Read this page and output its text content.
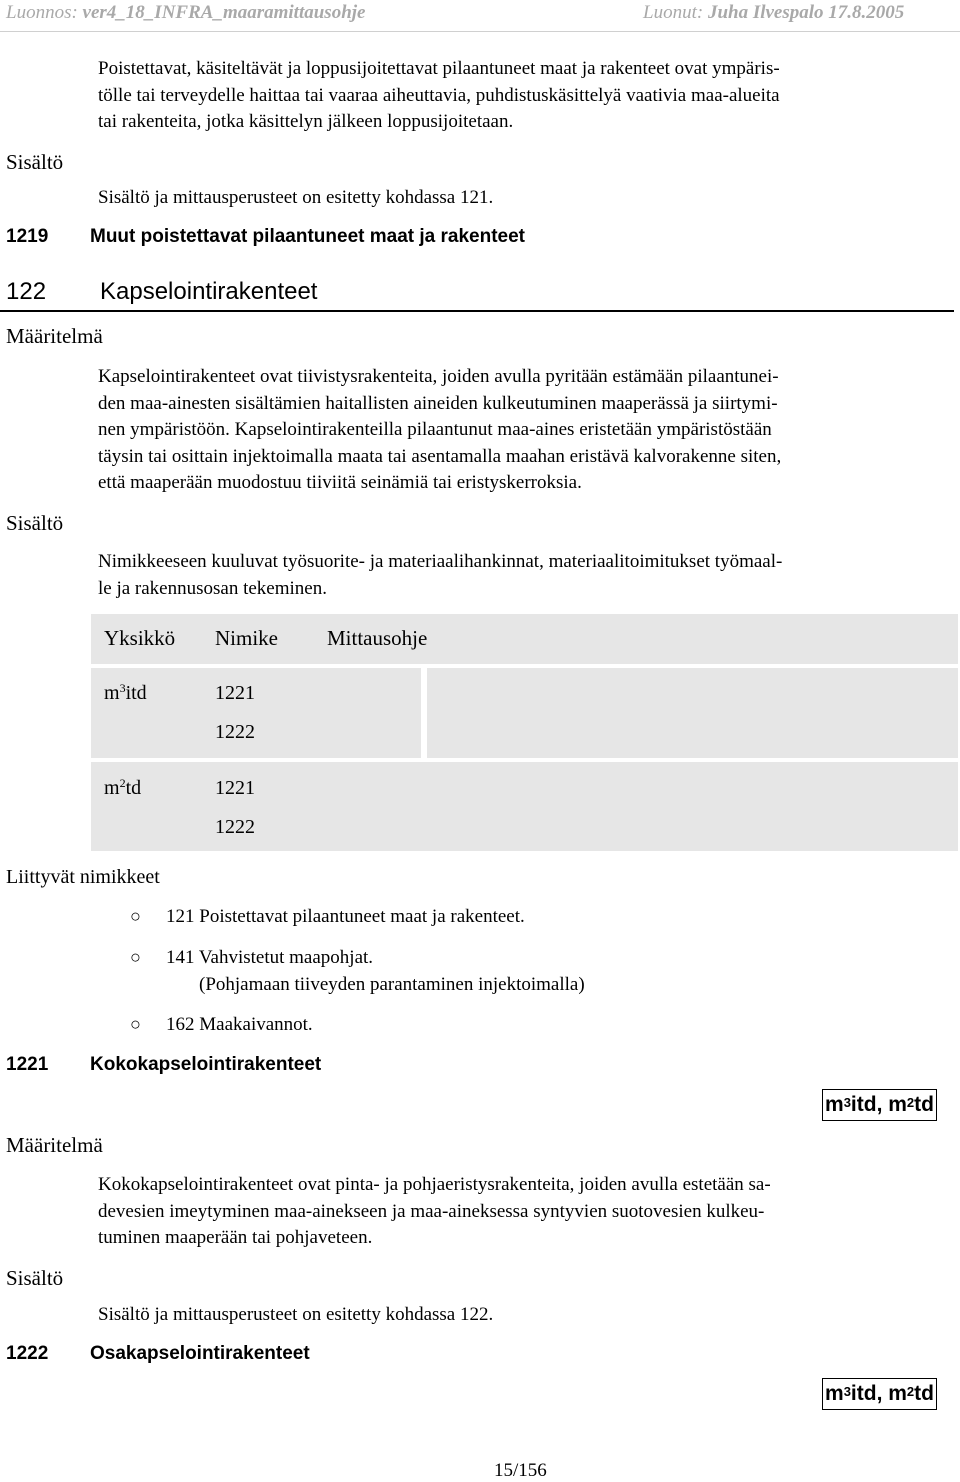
Luonnos: ver4_18_INFRA_maaramittausohje	Luonut: Juha Ilvespalo 17.8.2005

Poistettavat, käsiteltävät ja loppusijoitettavat pilaantuneet maat ja rakenteet ovat ympäris-

tölle tai terveydelle haittaa tai vaaraa aiheuttavia, puhdistuskäsittelyä vaativia maa-alueita

tai rakenteita, jotka käsittelyn jälkeen loppusijoitetaan.

Sisältö
Sisältö ja mittausperusteet on esitetty kohdassa 121.
1219 Muut poistettavat pilaantuneet maat ja rakenteet
122 Kapselointirakenteet
Määritelmä

Kapselointirakenteet ovat tiivistysrakenteita, joiden avulla pyritään estämään pilaantunei-

den maa-ainesten sisältämien haitallisten aineiden kulkeutuminen maaperässä ja siirtymi-

nen ympäristöön. Kapselointirakenteilla pilaantunut maa-aines eristetään ympäristöstään

täysin tai osittain injektoimalla maata tai asentamalla maahan eristävä kalvorakenne siten,

että maaperään muodostuu tiiviitä seinämiä tai eristyskerroksia.

Sisältö

Nimikkeeseen kuuluvat työsuorite- ja materiaalihankinnat, materiaalitoimitukset työmaal-

le ja rakennusosan tekeminen.

Yksikkö Nimike Mittausohje
$m^3itd$	1221
1222
$m^2td$	1221
1222
Liittyvät nimikkeet
○ 121 Poistettavat pilaantuneet maat ja rakenteet.
○ 141 Vahvistetut maapohjat.
(Pohjamaan tiiveyden parantaminen injektoimalla)
○ 162 Maakaivannot.
1221 Kokokapselointirakenteet
$m^3itd$, $m^2td$
Määritelmä

Kokokapselointirakenteet ovat pinta- ja pohjaeristysrakenteita, joiden avulla estetään sa-

devesien imeytyminen maa-ainekseen ja maa-aineksessa syntyvien suotovesien kulkeu-

tuminen maaperään tai pohjaveteen.

Sisältö
Sisältö ja mittausperusteet on esitetty kohdassa 122.
1222 Osakapselointirakenteet
$m^3itd$, $m^2td$
15/156
